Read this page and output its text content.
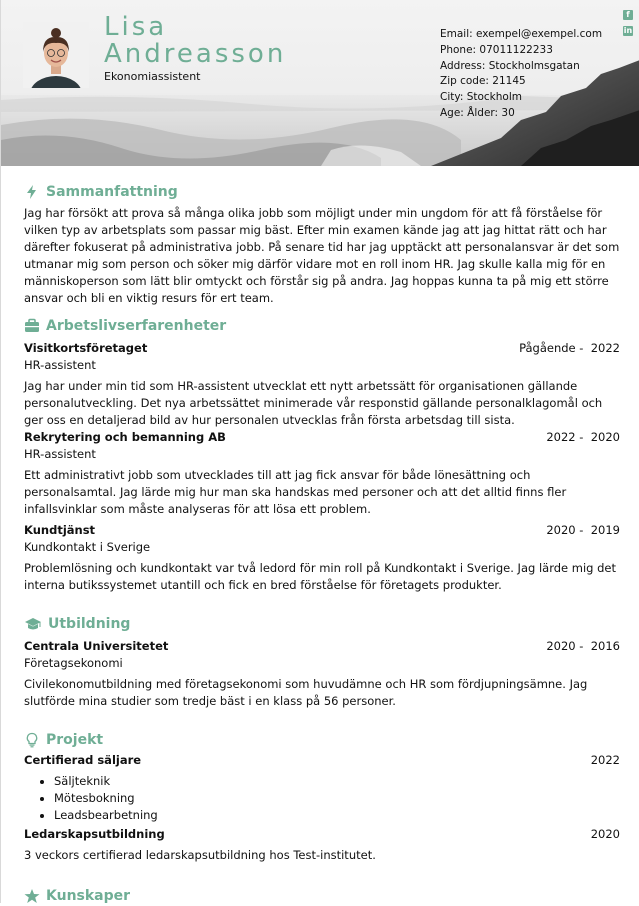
Lisa
Andreasson
Ekonomiassistent
Email: exempel@exempel.com
Phone: 07011122233
Address: Stockholmsgatan
Zip code: 21145
City: Stockholm
Age: Ålder: 30
f
in
Sammanfattning

Jag har försökt att prova så många olika jobb som möjligt under min ungdom för att få förståelse för vilken typ av arbetsplats som passar mig bäst. Efter min examen kände jag att jag hittat rätt och har därefter fokuserat på administrativa jobb. På senare tid har jag upptäckt att personalansvar är det som utmanar mig som person och söker mig därför vidare mot en roll inom HR. Jag skulle kalla mig för en människoperson som lätt blir omtyckt och förstår sig på andra. Jag hoppas kunna ta på mig ett större ansvar och bli en viktig resurs för ert team.

Arbetslivserfarenheter
Visitkortsföretaget	Pågående -  2022
HR-assistent

Jag har under min tid som HR-assistent utvecklat ett nytt arbetssätt för organisationen gällande personalutveckling. Det nya arbetssättet minimerade vår responstid gällande personalklagomål och ger oss en detaljerad bild av hur personalen utvecklas från första arbetsdag till sista.

Rekrytering och bemanning AB	2022 -  2020
HR-assistent

Ett administrativt jobb som utvecklades till att jag fick ansvar för både lönesättning och personalsamtal. Jag lärde mig hur man ska handskas med personer och att det alltid finns fler infallsvinklar som måste analyseras för att lösa ett problem.

Kundtjänst	2020 -  2019
Kundkontakt i Sverige

Problemlösning och kundkontakt var två ledord för min roll på Kundkontakt i Sverige. Jag lärde mig det interna butikssystemet utantill och fick en bred förståelse för företagets produkter.

Utbildning
Centrala Universitetet	2020 -  2016
Företagsekonomi

Civilekonomutbildning med företagsekonomi som huvudämne och HR som fördjupningsämne. Jag slutförde mina studier som tredje bäst i en klass på 56 personer.

Projekt
Certifierad säljare	2022
• Säljteknik
• Mötesbokning
• Leadsbearbetning
Ledarskapsutbildning	2020

3 veckors certifierad ledarskapsutbildning hos Test-institutet.

Kunskaper
